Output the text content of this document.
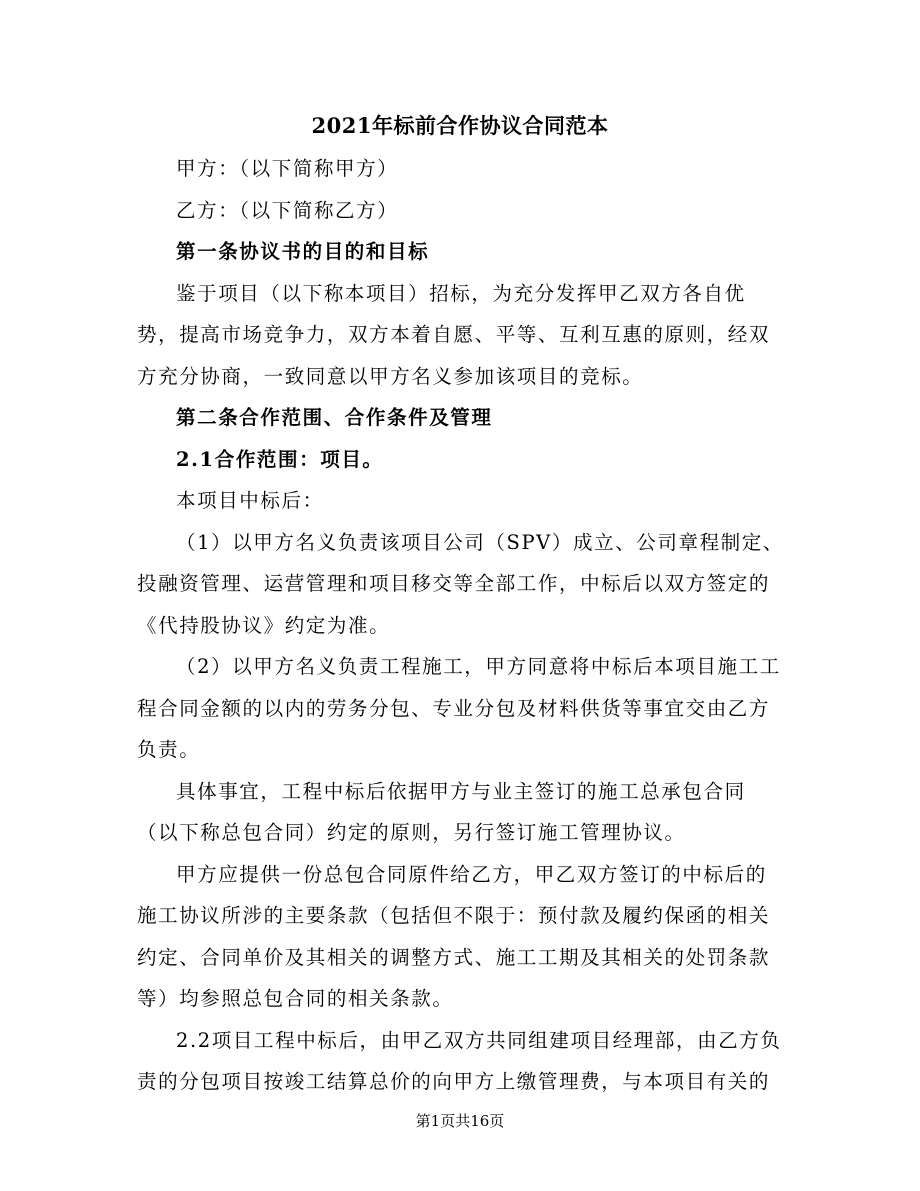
2021年标前合作协议合同范本

甲方：（以下简称甲方）

乙方：（以下简称乙方）

第一条协议书的目的和目标

鉴于项目（以下称本项目）招标，为充分发挥甲乙双方各自优势，提高市场竞争力，双方本着自愿、平等、互利互惠的原则，经双方充分协商，一致同意以甲方名义参加该项目的竞标。

第二条合作范围、合作条件及管理

2.1合作范围：项目。

本项目中标后：

（1）以甲方名义负责该项目公司（SPV）成立、公司章程制定、投融资管理、运营管理和项目移交等全部工作，中标后以双方签定的《代持股协议》约定为准。

（2）以甲方名义负责工程施工，甲方同意将中标后本项目施工工程合同金额的以内的劳务分包、专业分包及材料供货等事宜交由乙方负责。

具体事宜，工程中标后依据甲方与业主签订的施工总承包合同（以下称总包合同）约定的原则，另行签订施工管理协议。

甲方应提供一份总包合同原件给乙方，甲乙双方签订的中标后的施工协议所涉的主要条款（包括但不限于：预付款及履约保函的相关约定、合同单价及其相关的调整方式、施工工期及其相关的处罚条款等）均参照总包合同的相关条款。

2.2项目工程中标后，由甲乙双方共同组建项目经理部，由乙方负责的分包项目按竣工结算总价的向甲方上缴管理费，与本项目有关的

第1页共16页
